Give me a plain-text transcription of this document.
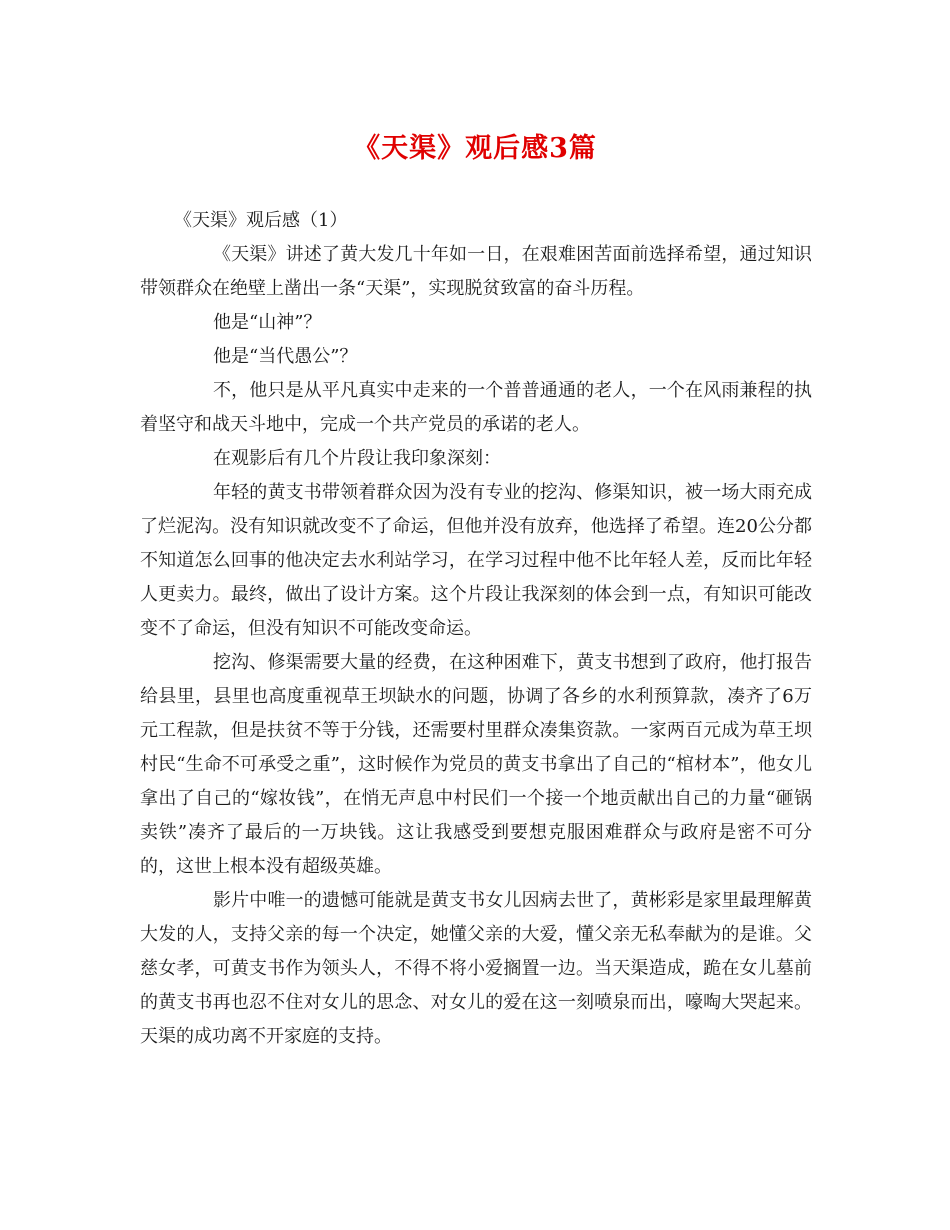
《天渠》观后感3篇
《天渠》观后感（1）

《天渠》讲述了黄大发几十年如一日，在艰难困苦面前选择希望，通过知识带领群众在绝壁上凿出一条“天渠”，实现脱贫致富的奋斗历程。

他是“山神”？

他是“当代愚公”？

不，他只是从平凡真实中走来的一个普普通通的老人，一个在风雨兼程的执着坚守和战天斗地中，完成一个共产党员的承诺的老人。

在观影后有几个片段让我印象深刻：

年轻的黄支书带领着群众因为没有专业的挖沟、修渠知识，被一场大雨充成了烂泥沟。没有知识就改变不了命运，但他并没有放弃，他选择了希望。连20公分都不知道怎么回事的他决定去水利站学习，在学习过程中他不比年轻人差，反而比年轻人更卖力。最终，做出了设计方案。这个片段让我深刻的体会到一点，有知识可能改变不了命运，但没有知识不可能改变命运。

挖沟、修渠需要大量的经费，在这种困难下，黄支书想到了政府，他打报告给县里，县里也高度重视草王坝缺水的问题，协调了各乡的水利预算款，凑齐了6万元工程款，但是扶贫不等于分钱，还需要村里群众凑集资款。一家两百元成为草王坝村民“生命不可承受之重”，这时候作为党员的黄支书拿出了自己的“棺材本”，他女儿拿出了自己的“嫁妆钱”，在悄无声息中村民们一个接一个地贡献出自己的力量“砸锅卖铁”凑齐了最后的一万块钱。这让我感受到要想克服困难群众与政府是密不可分的，这世上根本没有超级英雄。

影片中唯一的遗憾可能就是黄支书女儿因病去世了，黄彬彩是家里最理解黄大发的人，支持父亲的每一个决定，她懂父亲的大爱，懂父亲无私奉献为的是谁。父慈女孝，可黄支书作为领头人，不得不将小爱搁置一边。当天渠造成，跪在女儿墓前的黄支书再也忍不住对女儿的思念、对女儿的爱在这一刻喷泉而出，嚎啕大哭起来。天渠的成功离不开家庭的支持。
